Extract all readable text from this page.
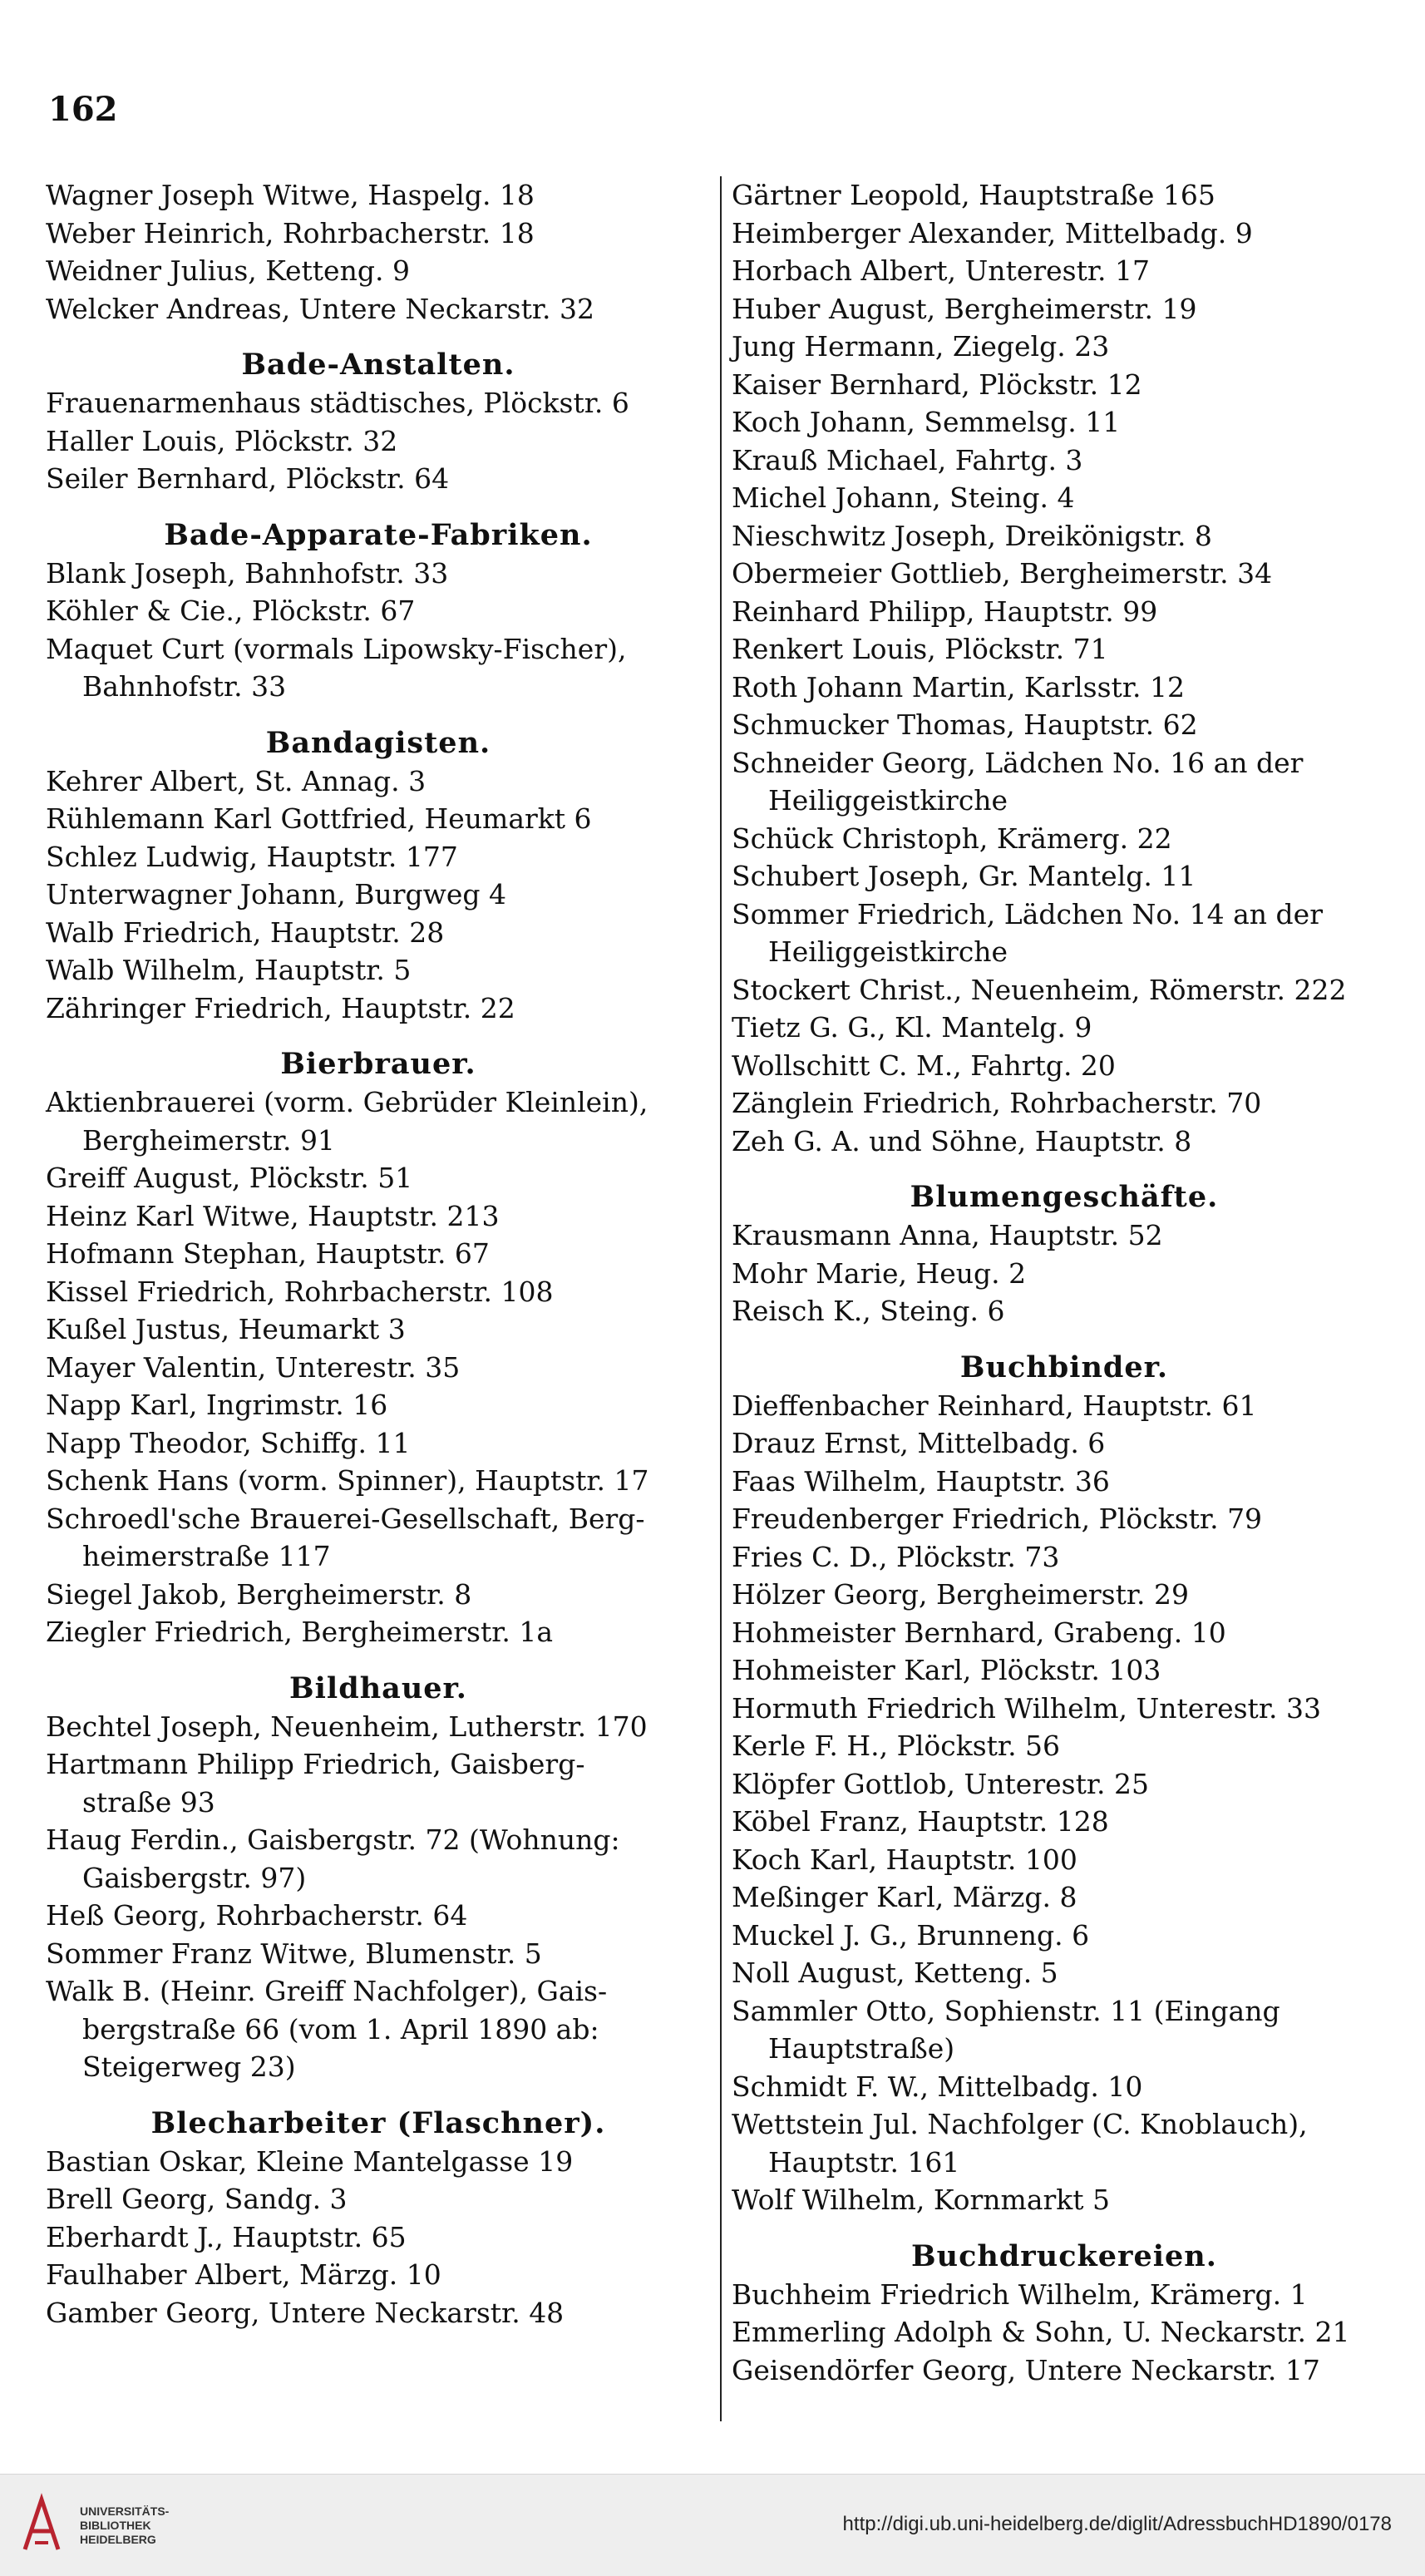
162
Wagner Joseph Witwe, Haspelg. 18
Weber Heinrich, Rohrbacherstr. 18
Weidner Julius, Ketteng. 9
Welcker Andreas, Untere Neckarstr. 32
Bade-Anstalten.
Frauenarmenhaus städtisches, Plöckstr. 6
Haller Louis, Plöckstr. 32
Seiler Bernhard, Plöckstr. 64
Bade-Apparate-Fabriken.
Blank Joseph, Bahnhofstr. 33
Köhler & Cie., Plöckstr. 67
Maquet Curt (vormals Lipowsky-Fischer),
Bahnhofstr. 33
Bandagisten.
Kehrer Albert, St. Annag. 3
Rühlemann Karl Gottfried, Heumarkt 6
Schlez Ludwig, Hauptstr. 177
Unterwagner Johann, Burgweg 4
Walb Friedrich, Hauptstr. 28
Walb Wilhelm, Hauptstr. 5
Zähringer Friedrich, Hauptstr. 22
Bierbrauer.
Aktienbrauerei (vorm. Gebrüder Kleinlein),
Bergheimerstr. 91
Greiff August, Plöckstr. 51
Heinz Karl Witwe, Hauptstr. 213
Hofmann Stephan, Hauptstr. 67
Kissel Friedrich, Rohrbacherstr. 108
Kußel Justus, Heumarkt 3
Mayer Valentin, Unterestr. 35
Napp Karl, Ingrimstr. 16
Napp Theodor, Schiffg. 11
Schenk Hans (vorm. Spinner), Hauptstr. 17
Schroedl'sche Brauerei-Gesellschaft, Berg-
heimerstraße 117
Siegel Jakob, Bergheimerstr. 8
Ziegler Friedrich, Bergheimerstr. 1a
Bildhauer.
Bechtel Joseph, Neuenheim, Lutherstr. 170
Hartmann Philipp Friedrich, Gaisberg-
straße 93
Haug Ferdin., Gaisbergstr. 72 (Wohnung:
Gaisbergstr. 97)
Heß Georg, Rohrbacherstr. 64
Sommer Franz Witwe, Blumenstr. 5
Walk B. (Heinr. Greiff Nachfolger), Gais-
bergstraße 66 (vom 1. April 1890 ab:
Steigerweg 23)
Blecharbeiter (Flaschner).
Bastian Oskar, Kleine Mantelgasse 19
Brell Georg, Sandg. 3
Eberhardt J., Hauptstr. 65
Faulhaber Albert, Märzg. 10
Gamber Georg, Untere Neckarstr. 48
Gärtner Leopold, Hauptstraße 165
Heimberger Alexander, Mittelbadg. 9
Horbach Albert, Unterestr. 17
Huber August, Bergheimerstr. 19
Jung Hermann, Ziegelg. 23
Kaiser Bernhard, Plöckstr. 12
Koch Johann, Semmelsg. 11
Krauß Michael, Fahrtg. 3
Michel Johann, Steing. 4
Nieschwitz Joseph, Dreikönigstr. 8
Obermeier Gottlieb, Bergheimerstr. 34
Reinhard Philipp, Hauptstr. 99
Renkert Louis, Plöckstr. 71
Roth Johann Martin, Karlsstr. 12
Schmucker Thomas, Hauptstr. 62
Schneider Georg, Lädchen No. 16 an der
Heiliggeistkirche
Schück Christoph, Krämerg. 22
Schubert Joseph, Gr. Mantelg. 11
Sommer Friedrich, Lädchen No. 14 an der
Heiliggeistkirche
Stockert Christ., Neuenheim, Römerstr. 222
Tietz G. G., Kl. Mantelg. 9
Wollschitt C. M., Fahrtg. 20
Zänglein Friedrich, Rohrbacherstr. 70
Zeh G. A. und Söhne, Hauptstr. 8
Blumengeschäfte.
Krausmann Anna, Hauptstr. 52
Mohr Marie, Heug. 2
Reisch K., Steing. 6
Buchbinder.
Dieffenbacher Reinhard, Hauptstr. 61
Drauz Ernst, Mittelbadg. 6
Faas Wilhelm, Hauptstr. 36
Freudenberger Friedrich, Plöckstr. 79
Fries C. D., Plöckstr. 73
Hölzer Georg, Bergheimerstr. 29
Hohmeister Bernhard, Grabeng. 10
Hohmeister Karl, Plöckstr. 103
Hormuth Friedrich Wilhelm, Unterestr. 33
Kerle F. H., Plöckstr. 56
Klöpfer Gottlob, Unterestr. 25
Köbel Franz, Hauptstr. 128
Koch Karl, Hauptstr. 100
Meßinger Karl, Märzg. 8
Muckel J. G., Brunneng. 6
Noll August, Ketteng. 5
Sammler Otto, Sophienstr. 11 (Eingang
Hauptstraße)
Schmidt F. W., Mittelbadg. 10
Wettstein Jul. Nachfolger (C. Knoblauch),
Hauptstr. 161
Wolf Wilhelm, Kornmarkt 5
Buchdruckereien.
Buchheim Friedrich Wilhelm, Krämerg. 1
Emmerling Adolph & Sohn, U. Neckarstr. 21
Geisendörfer Georg, Untere Neckarstr. 17
UNIVERSITÄTS-
BIBLIOTHEK
HEIDELBERG
http://digi.ub.uni-heidelberg.de/diglit/AdressbuchHD1890/0178
